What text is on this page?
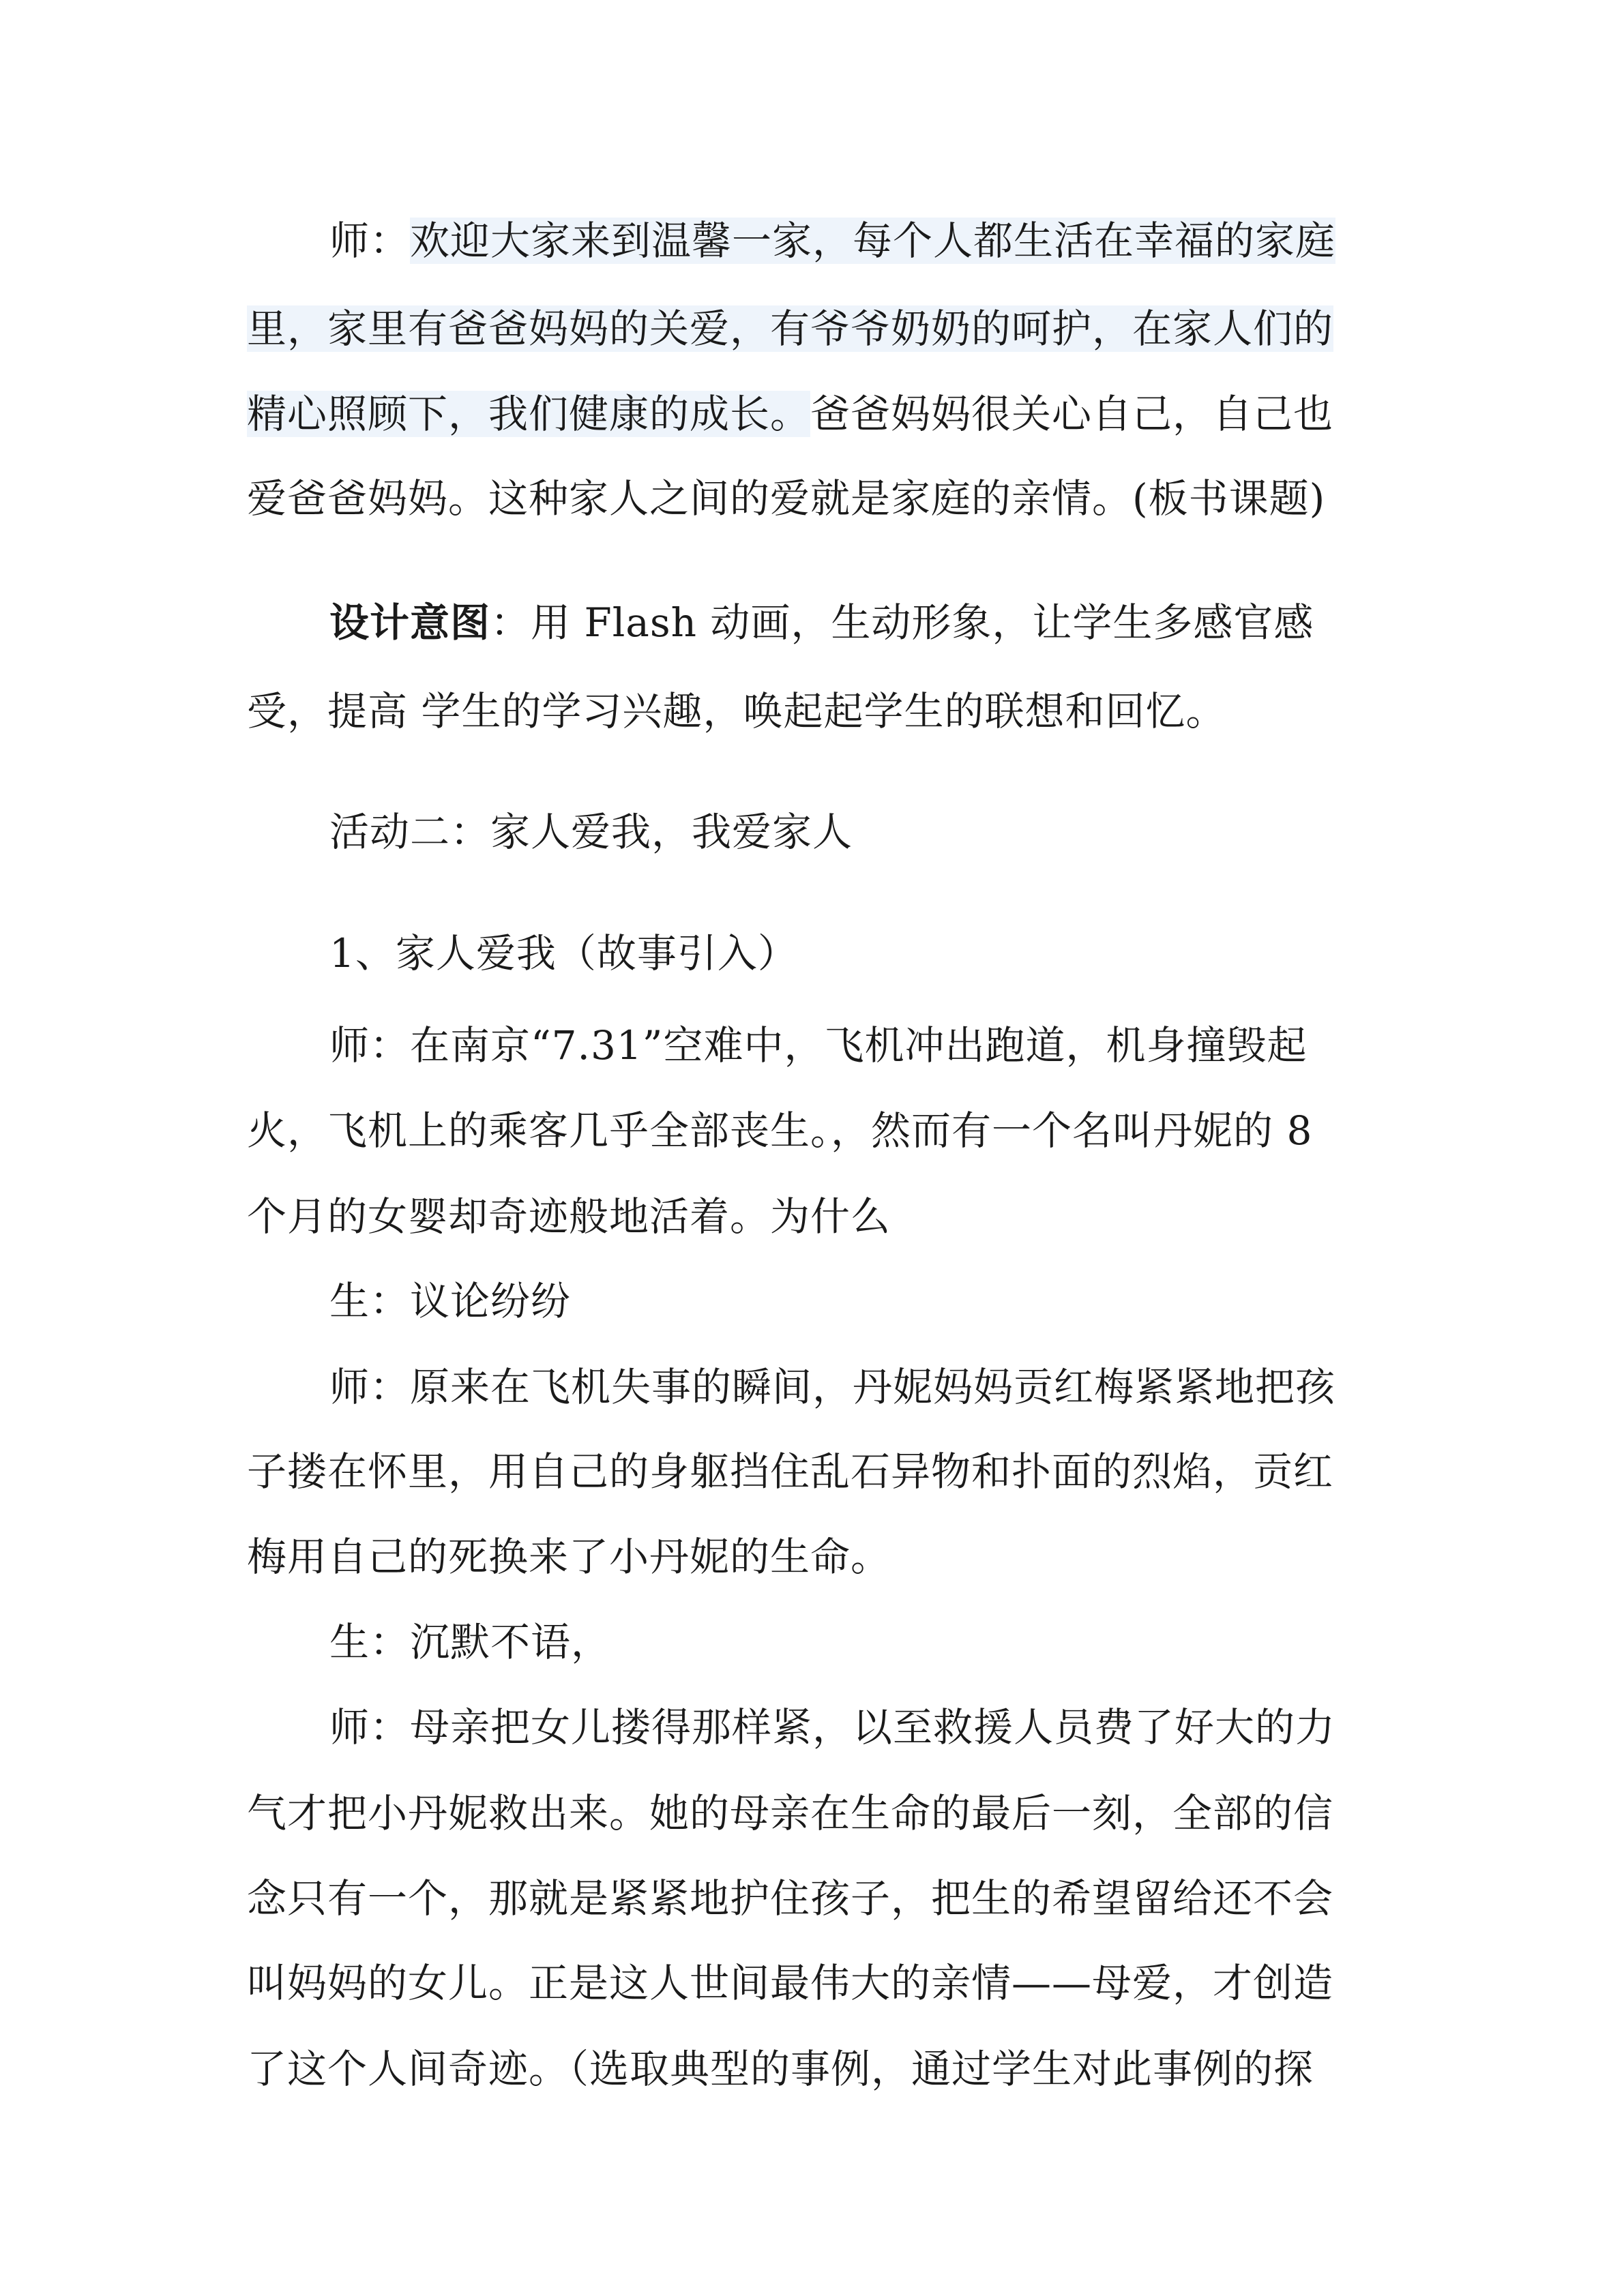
师：欢迎大家来到温馨一家，每个人都生活在幸福的家庭
里，家里有爸爸妈妈的关爱，有爷爷奶奶的呵护，在家人们的
精心照顾下，我们健康的成长。爸爸妈妈很关心自己，自己也
爱爸爸妈妈。这种家人之间的爱就是家庭的亲情。(板书课题)
设计意图：用 Flash 动画，生动形象，让学生多感官感
受，提高 学生的学习兴趣，唤起起学生的联想和回忆。
活动二：家人爱我，我爱家人
1、家人爱我（故事引入）
师：在南京“7.31”空难中，飞机冲出跑道，机身撞毁起
火，飞机上的乘客几乎全部丧生。，然而有一个名叫丹妮的 8
个月的女婴却奇迹般地活着。为什么
生：议论纷纷
师：原来在飞机失事的瞬间，丹妮妈妈贡红梅紧紧地把孩
子搂在怀里，用自己的身躯挡住乱石异物和扑面的烈焰，贡红
梅用自己的死换来了小丹妮的生命。
生：沉默不语，
师：母亲把女儿搂得那样紧，以至救援人员费了好大的力
气才把小丹妮救出来。她的母亲在生命的最后一刻，全部的信
念只有一个，那就是紧紧地护住孩子，把生的希望留给还不会
叫妈妈的女儿。正是这人世间最伟大的亲情——母爱，才创造
了这个人间奇迹。（选取典型的事例，通过学生对此事例的探
